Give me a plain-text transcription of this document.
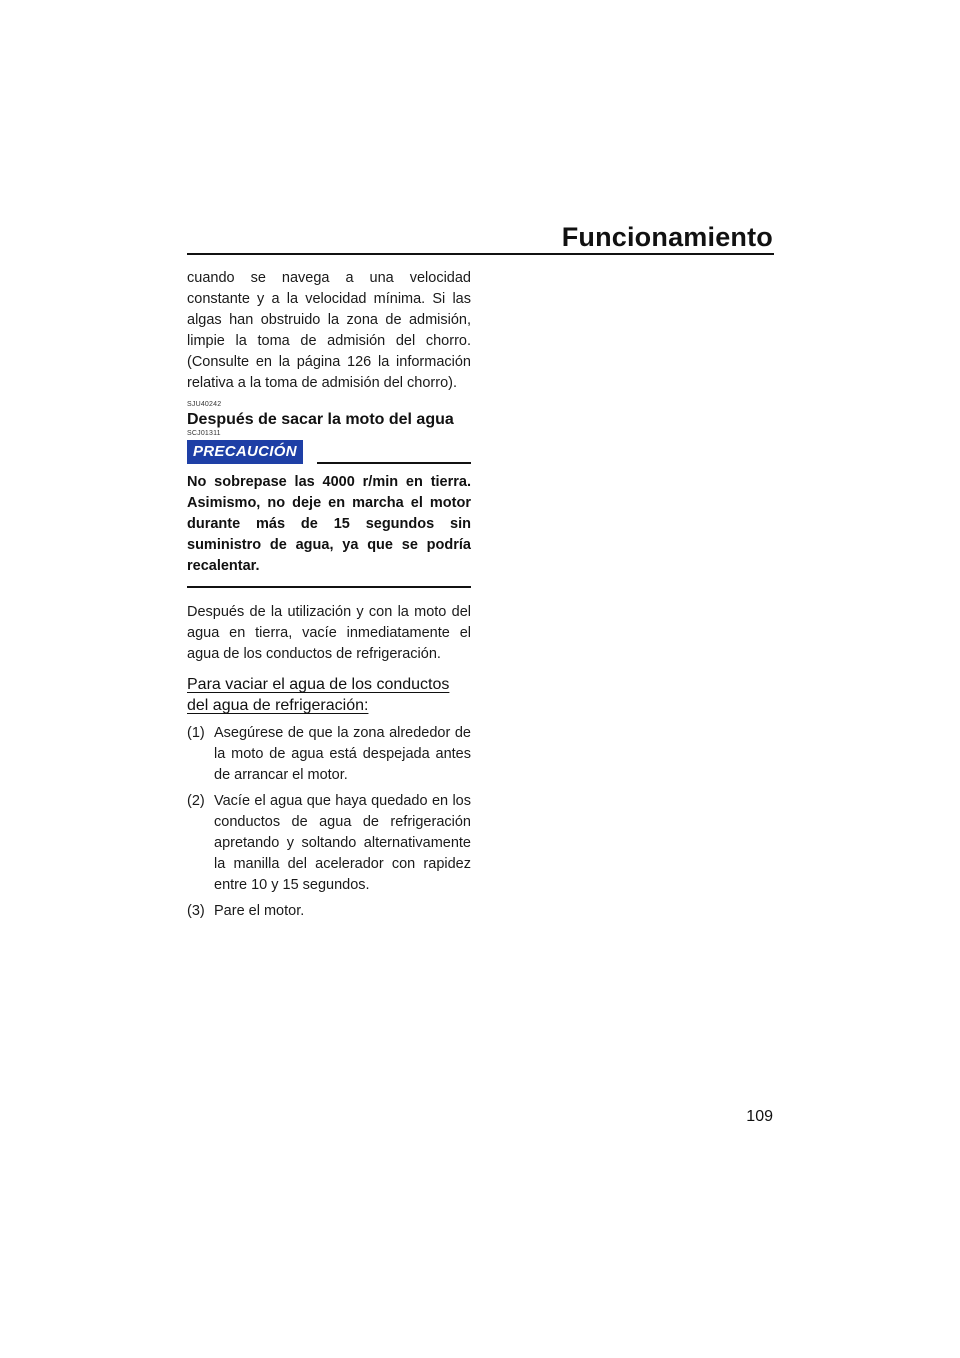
Funcionamiento

cuando se navega a una velocidad constante y a la velocidad mínima. Si las algas han obstruido la zona de admisión, limpie la toma de admisión del chorro. (Consulte en la página 126 la información relativa a la toma de admisión del chorro).

SJU40242

Después de sacar la moto del agua

SCJ01311

PRECAUCIÓN

No sobrepase las 4000 r/min en tierra. Asimismo, no deje en marcha el motor durante más de 15 segundos sin suministro de agua, ya que se podría recalentar.

Después de la utilización y con la moto del agua en tierra, vacíe inmediatamente el agua de los conductos de refrigeración.

Para vaciar el agua de los conductos del agua de refrigeración:

(1) Asegúrese de que la zona alrededor de la moto de agua está despejada antes de arrancar el motor.
(2) Vacíe el agua que haya quedado en los conductos de agua de refrigeración apretando y soltando alternativamente la manilla del acelerador con rapidez entre 10 y 15 segundos.
(3) Pare el motor.

109
